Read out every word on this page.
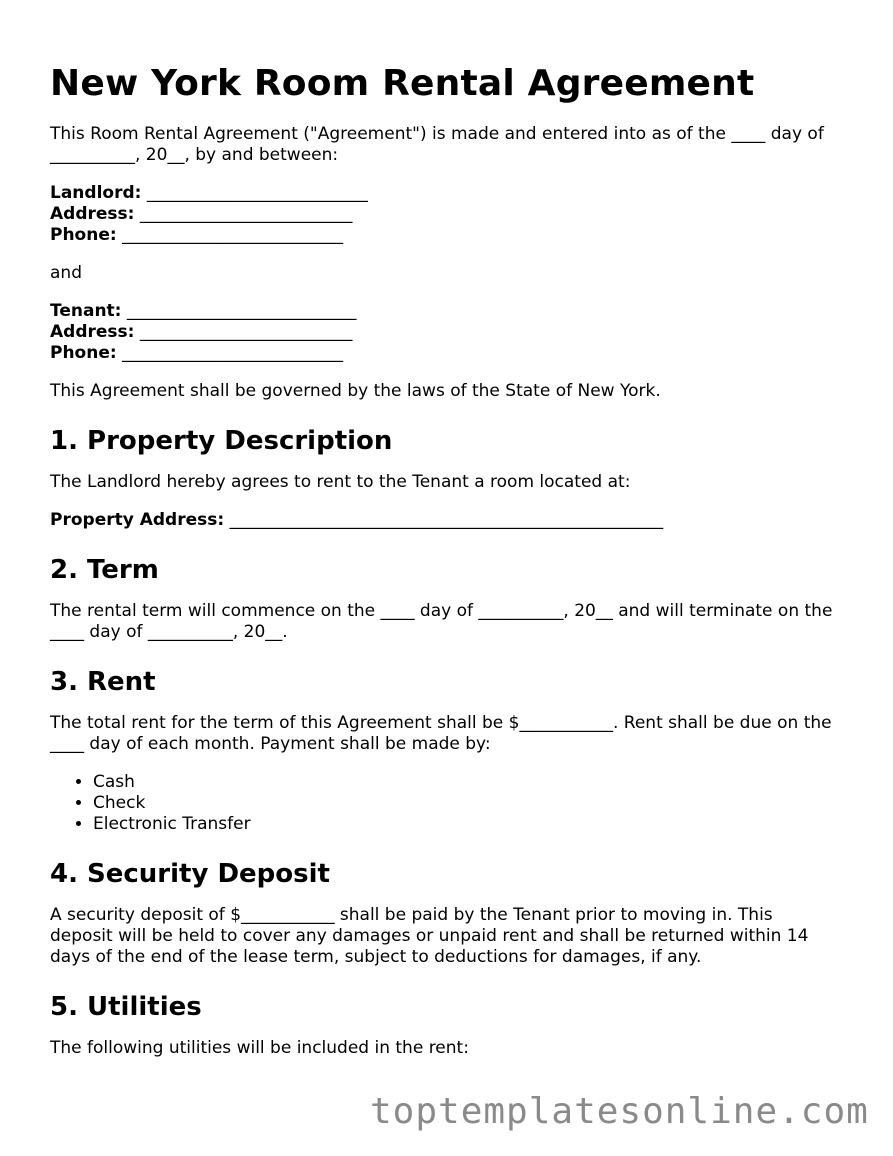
New York Room Rental Agreement

This Room Rental Agreement ("Agreement") is made and entered into as of the ____ day of __________, 20__, by and between:

Landlord: __________________________
Address: _________________________
Phone: __________________________

and

Tenant: ___________________________
Address: _________________________
Phone: __________________________

This Agreement shall be governed by the laws of the State of New York.

1. Property Description

The Landlord hereby agrees to rent to the Tenant a room located at:

Property Address: ___________________________________________________
2. Term

The rental term will commence on the ____ day of __________, 20__ and will terminate on the ____ day of __________, 20__.

3. Rent

The total rent for the term of this Agreement shall be $___________. Rent shall be due on the ____ day of each month. Payment shall be made by:

• Cash
• Check
• Electronic Transfer
4. Security Deposit

A security deposit of $___________ shall be paid by the Tenant prior to moving in. This deposit will be held to cover any damages or unpaid rent and shall be returned within 14 days of the end of the lease term, subject to deductions for damages, if any.

5. Utilities

The following utilities will be included in the rent:

toptemplatesonline.com
